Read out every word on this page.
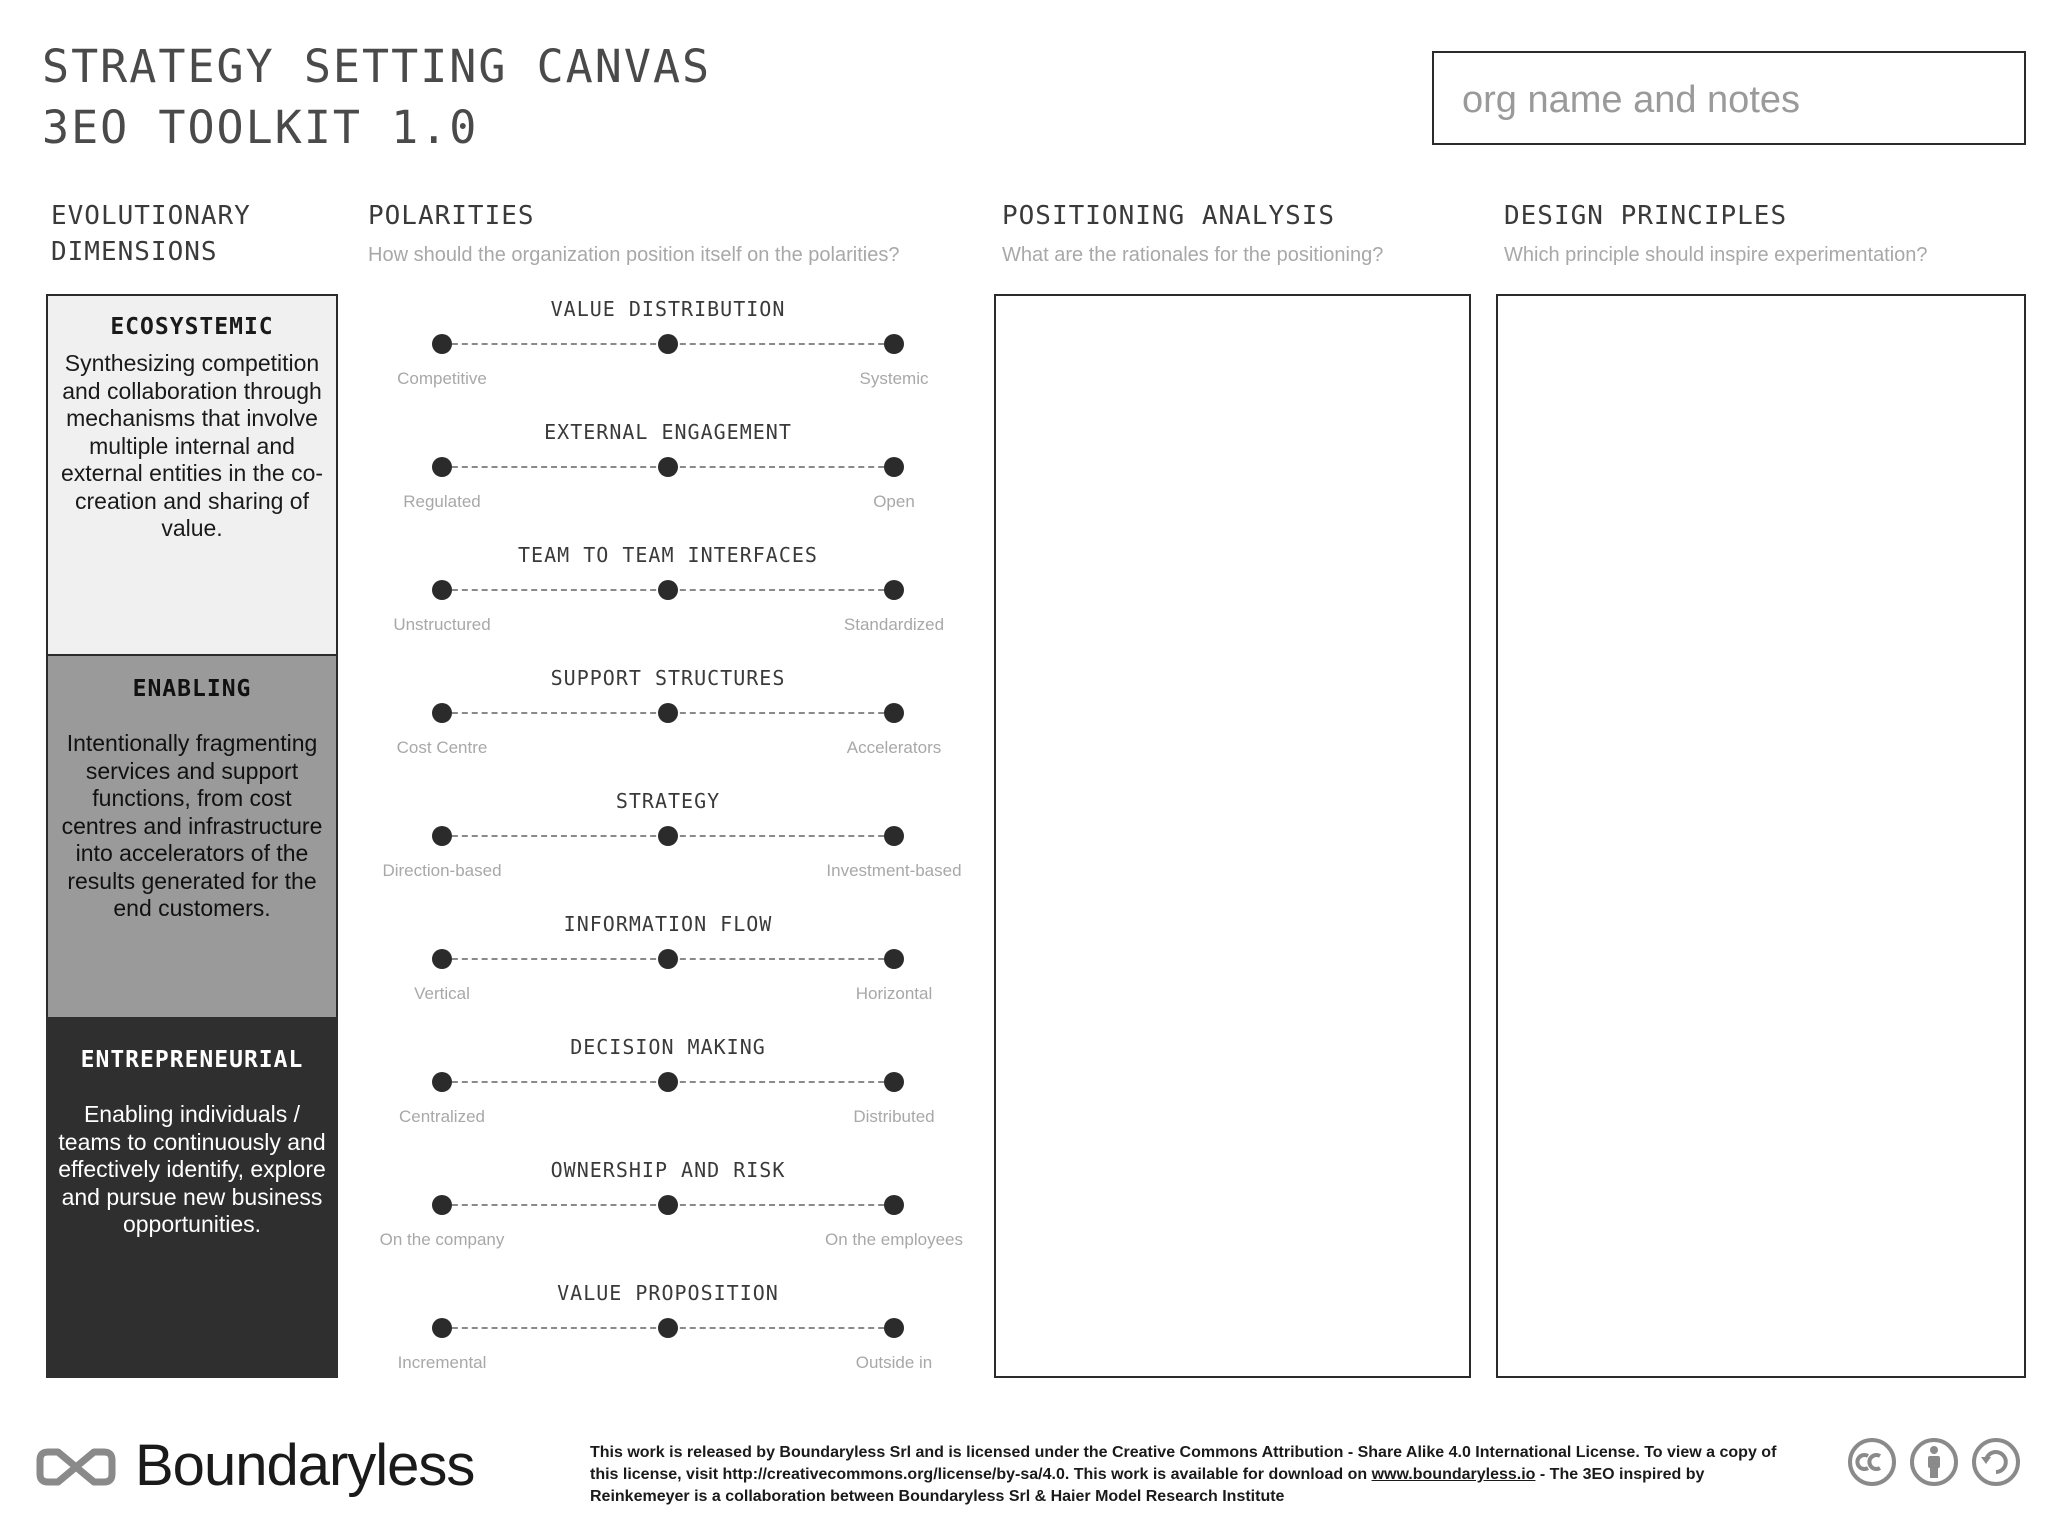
STRATEGY SETTING CANVAS
3EO TOOLKIT 1.0
org name and notes
EVOLUTIONARY
DIMENSIONS
POLARITIES
How should the organization position itself on the polarities?
POSITIONING ANALYSIS
What are the rationales for the positioning?
DESIGN PRINCIPLES
Which principle should inspire experimentation?
ECOSYSTEMIC
Synthesizing competition and collaboration through mechanisms that involve multiple internal and external entities in the co-creation and sharing of value.
ENABLING
Intentionally fragmenting services and support functions, from cost centres and infrastructure into accelerators of the results generated for the end customers.
ENTREPRENEURIAL
Enabling individuals / teams to continuously and effectively identify, explore and pursue new business opportunities.
VALUE DISTRIBUTION
Competitive	Systemic
EXTERNAL ENGAGEMENT
Regulated	Open
TEAM TO TEAM INTERFACES
Unstructured	Standardized
SUPPORT STRUCTURES
Cost Centre	Accelerators
STRATEGY
Direction-based	Investment-based
INFORMATION FLOW
Vertical	Horizontal
DECISION MAKING
Centralized	Distributed
OWNERSHIP AND RISK
On the company	On the employees
VALUE PROPOSITION
Incremental	Outside in
Boundaryless	This work is released by Boundaryless Srl and is licensed under the Creative Commons Attribution - Share Alike 4.0 International License. To view a copy of this license, visit http://creativecommons.org/license/by-sa/4.0. This work is available for download on www.boundaryless.io - The 3EO inspired by Reinkemeyer is a collaboration between Boundaryless Srl & Haier Model Research Institute
